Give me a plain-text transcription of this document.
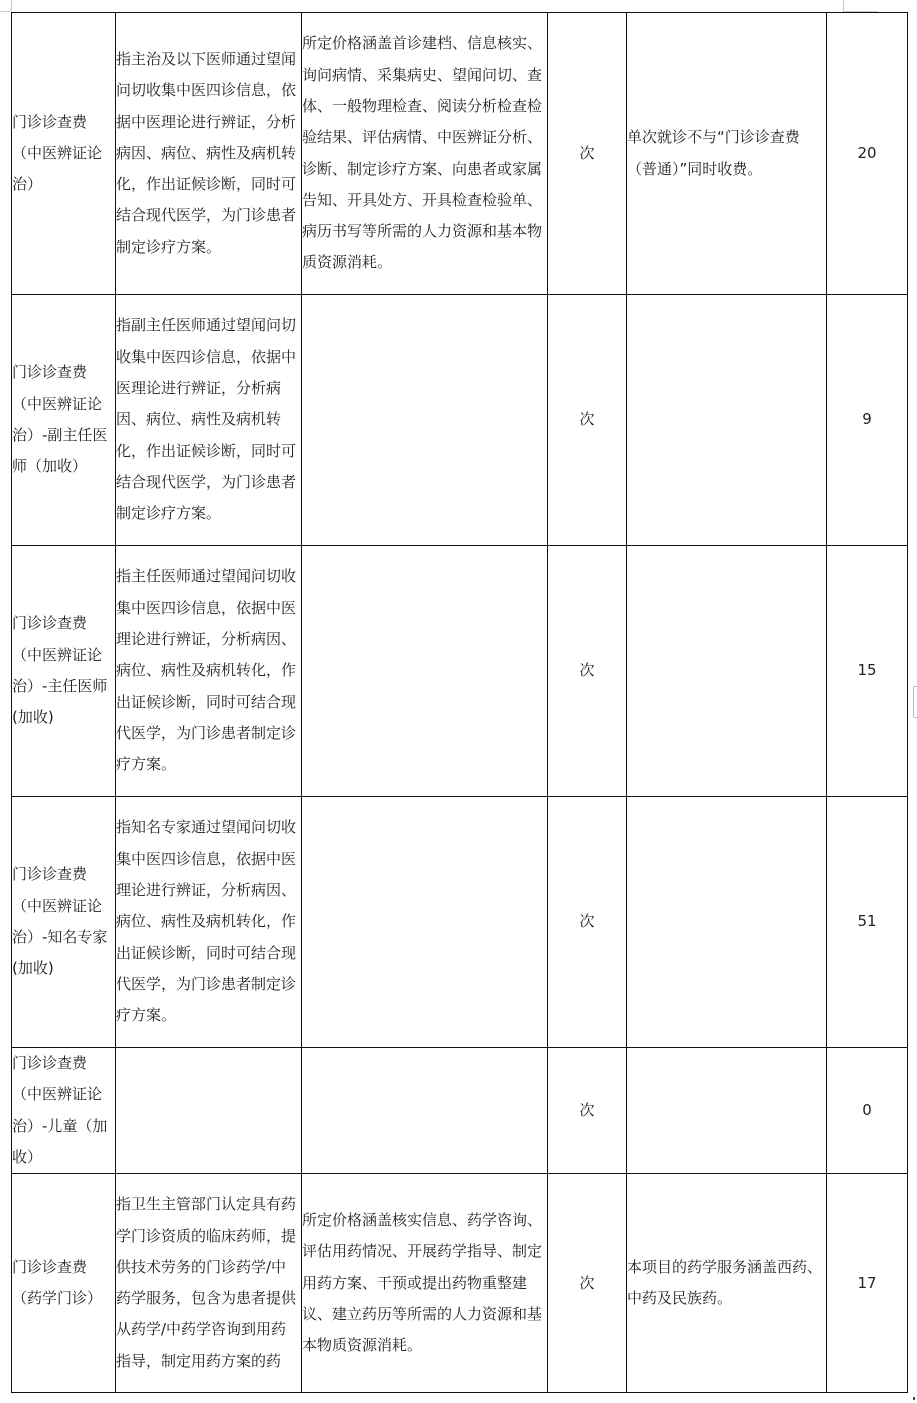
门诊诊查费（中医辨证论治）	指主治及以下医师通过望闻问切收集中医四诊信息，依据中医理论进行辨证，分析病因、病位、病性及病机转化，作出证候诊断，同时可结合现代医学，为门诊患者制定诊疗方案。	所定价格涵盖首诊建档、信息核实、询问病情、采集病史、望闻问切、查体、一般物理检查、阅读分析检查检验结果、评估病情、中医辨证分析、诊断、制定诊疗方案、向患者或家属告知、开具处方、开具检查检验单、病历书写等所需的人力资源和基本物质资源消耗。	次	单次就诊不与“门诊诊查费（普通）”同时收费。	20

门诊诊查费（中医辨证论治）-副主任医师（加收）	指副主任医师通过望闻问切收集中医四诊信息，依据中医理论进行辨证，分析病因、病位、病性及病机转化，作出证候诊断，同时可结合现代医学，为门诊患者制定诊疗方案。		次		9

门诊诊查费（中医辨证论治）-主任医师(加收)	指主任医师通过望闻问切收集中医四诊信息，依据中医理论进行辨证，分析病因、病位、病性及病机转化，作出证候诊断，同时可结合现代医学，为门诊患者制定诊疗方案。		次		15

门诊诊查费（中医辨证论治）-知名专家(加收)	指知名专家通过望闻问切收集中医四诊信息，依据中医理论进行辨证，分析病因、病位、病性及病机转化，作出证候诊断，同时可结合现代医学，为门诊患者制定诊疗方案。		次		51

门诊诊查费（中医辨证论治）-儿童（加收）			次		0

门诊诊查费（药学门诊）	指卫生主管部门认定具有药学门诊资质的临床药师，提供技术劳务的门诊药学/中药学服务，包含为患者提供从药学/中药学咨询到用药指导，制定用药方案的药	所定价格涵盖核实信息、药学咨询、评估用药情况、开展药学指导、制定用药方案、干预或提出药物重整建议、建立药历等所需的人力资源和基本物质资源消耗。	次	本项目的药学服务涵盖西药、中药及民族药。	17
